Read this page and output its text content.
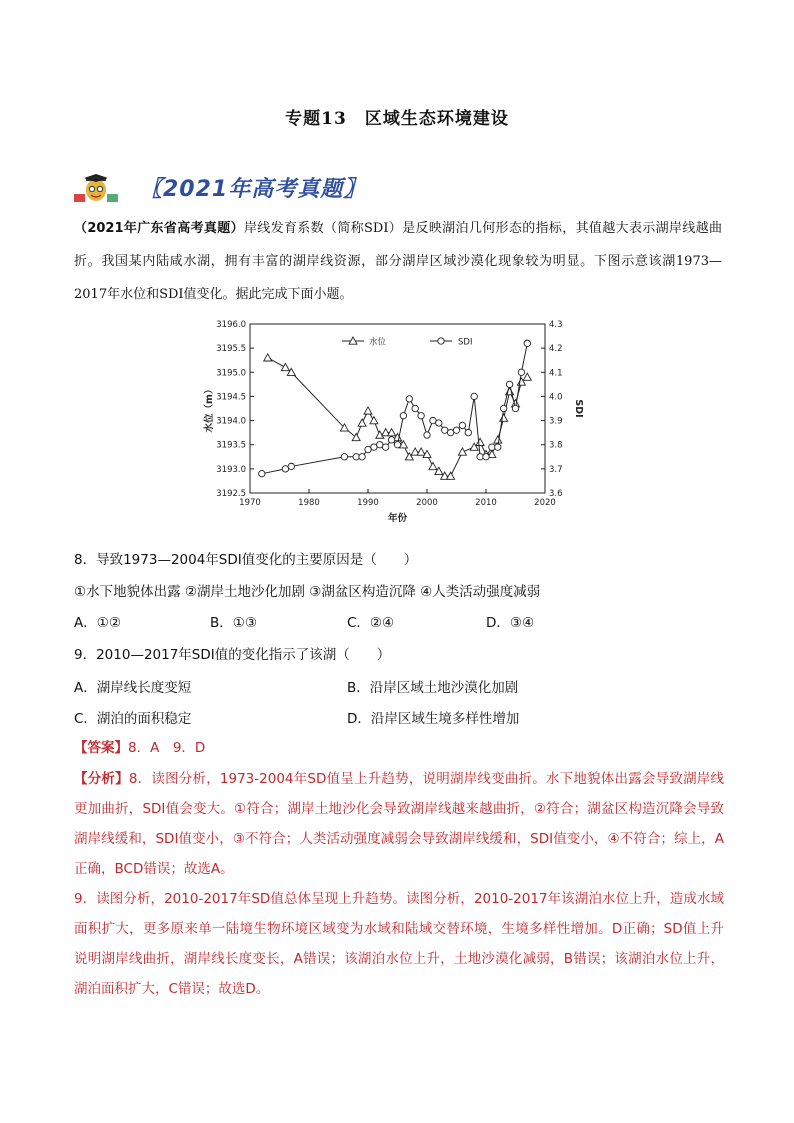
专题13　区域生态环境建设
〖2021年高考真题〗
（2021年广东省高考真题）岸线发育系数（简称SDI）是反映湖泊几何形态的指标，其值越大表示湖岸线越曲折。我国某内陆咸水湖，拥有丰富的湖岸线资源，部分湖岸区域沙漠化现象较为明显。下图示意该湖1973—2017年水位和SDI值变化。据此完成下面小题。
1970	1980	1990	2000	2010	2020
3192.5
3193.0
3193.5
3194.0
3194.5
3195.0
3195.5
3196.0
3.6
3.7
3.8
3.9
4.0
4.1
4.2
4.3
年份
水位（m）	SDI
水位	SDI
8．导致1973—2004年SDI值变化的主要原因是（　　）
①水下地貌体出露 ②湖岸土地沙化加剧 ③湖盆区构造沉降 ④人类活动强度减弱
A．①②	B．①③	C．②④	D．③④
9．2010—2017年SDI值的变化指示了该湖（　　）
A．湖岸线长度变短	B．沿岸区域土地沙漠化加剧
C．湖泊的面积稳定	D．沿岸区域生境多样性增加
【答案】8．A　9．D

【分析】8．读图分析，1973-2004年SD值呈上升趋势，说明湖岸线变曲折。水下地貌体出露会导致湖岸线更加曲折，SDI值会变大。①符合；湖岸土地沙化会导致湖岸线越来越曲折，②符合；湖盆区构造沉降会导致湖岸线缓和，SDI值变小，③不符合；人类活动强度减弱会导致湖岸线缓和，SDI值变小，④不符合；综上，A正确，BCD错误；故选A。

9．读图分析，2010-2017年SD值总体呈现上升趋势。读图分析，2010-2017年该湖泊水位上升，造成水域面积扩大，更多原来单一陆境生物环境区域变为水域和陆域交替环境，生境多样性增加。D正确；SD值上升说明湖岸线曲折，湖岸线长度变长，A错误；该湖泊水位上升，土地沙漠化减弱，B错误；该湖泊水位上升，湖泊面积扩大，C错误；故选D。
